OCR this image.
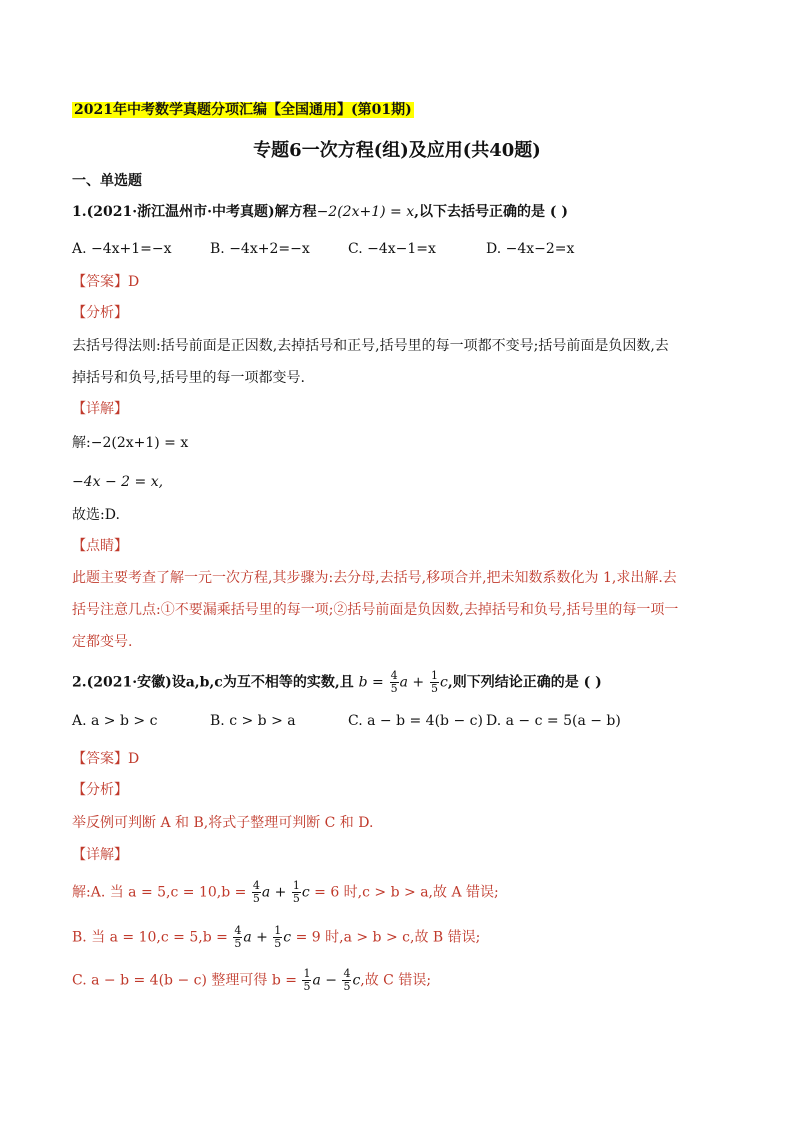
2021年中考数学真题分项汇编【全国通用】(第01期)
专题6一次方程(组)及应用(共40题)
一、单选题
1.(2021·浙江温州市·中考真题)解方程−2(2x+1) = x,以下去括号正确的是 ( )
A. −4x+1=−x	B. −4x+2=−x	C. −4x−1=x	D. −4x−2=x
【答案】D
【分析】
去括号得法则:括号前面是正因数,去掉括号和正号,括号里的每一项都不变号;括号前面是负因数,去
掉括号和负号,括号里的每一项都变号.
【详解】
解:−2(2x+1) = x
−4x − 2 = x,
故选:D.
【点睛】
此题主要考查了解一元一次方程,其步骤为:去分母,去括号,移项合并,把未知数系数化为 1,求出解.去
括号注意几点:①不要漏乘括号里的每一项;②括号前面是负因数,去掉括号和负号,括号里的每一项一
定都变号.
2.(2021·安徽)设a,b,c为互不相等的实数,且 $b = \frac{4}{5}$ $a + \frac{1}{5} c$,则下列结论正确的是 ( )
A. a > b > c	B. c > b > a	C. a − b = 4(b − c) D. a − c = 5(a − b)
【答案】D
【分析】
举反例可判断 A 和 B,将式子整理可判断 C 和 D.
【详解】
解:A. 当 $a = 5,c = 10,b = \frac{4}{5}$ $a + \frac{1}{5}$ c = 6 时,c > b > a,故 A 错误;
B. 当 $a = 10,c = 5,b = \frac{4}{5}$ $a + \frac{1}{5}$ c = 9 时,a > b > c,故 B 错误;
C. a − b = 4(b − c) 整理可得 $b = \frac{1}{5}$ $a - \frac{4}{5} c$,故 C 错误;
